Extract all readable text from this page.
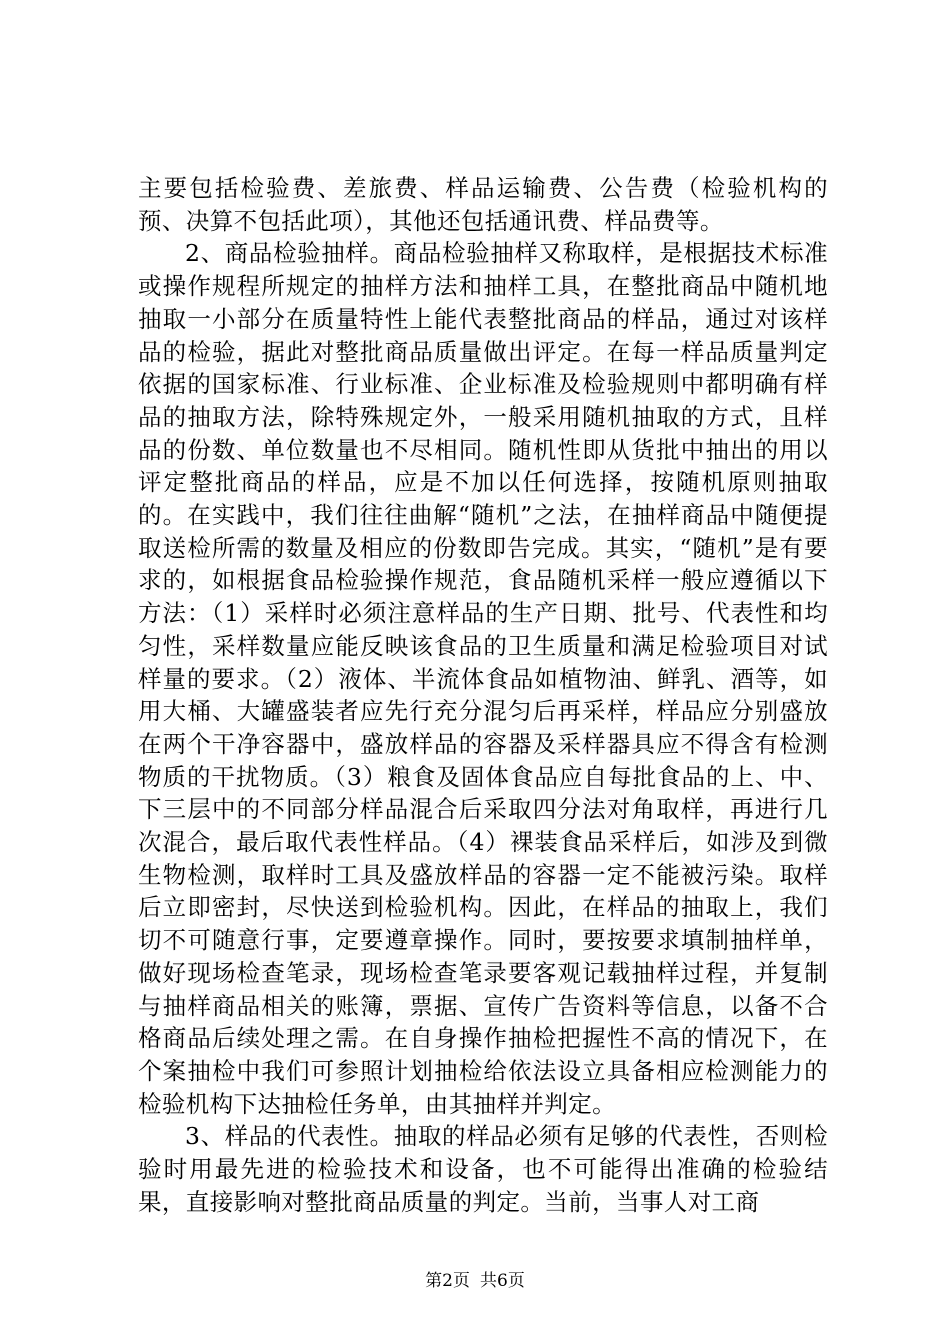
主要包括检验费、差旅费、样品运输费、公告费（检验机构的预、决算不包括此项），其他还包括通讯费、样品费等。

2、商品检验抽样。商品检验抽样又称取样，是根据技术标准或操作规程所规定的抽样方法和抽样工具，在整批商品中随机地抽取一小部分在质量特性上能代表整批商品的样品，通过对该样品的检验，据此对整批商品质量做出评定。在每一样品质量判定依据的国家标准、行业标准、企业标准及检验规则中都明确有样品的抽取方法，除特殊规定外，一般采用随机抽取的方式，且样品的份数、单位数量也不尽相同。随机性即从货批中抽出的用以评定整批商品的样品，应是不加以任何选择，按随机原则抽取的。在实践中，我们往往曲解“随机”之法，在抽样商品中随便提取送检所需的数量及相应的份数即告完成。其实，“随机”是有要求的，如根据食品检验操作规范，食品随机采样一般应遵循以下方法：（1）采样时必须注意样品的生产日期、批号、代表性和均匀性，采样数量应能反映该食品的卫生质量和满足检验项目对试样量的要求。（2）液体、半流体食品如植物油、鲜乳、酒等，如用大桶、大罐盛装者应先行充分混匀后再采样，样品应分别盛放在两个干净容器中，盛放样品的容器及采样器具应不得含有检测物质的干扰物质。（3）粮食及固体食品应自每批食品的上、中、下三层中的不同部分样品混合后采取四分法对角取样，再进行几次混合，最后取代表性样品。（4）裸装食品采样后，如涉及到微生物检测，取样时工具及盛放样品的容器一定不能被污染。取样后立即密封，尽快送到检验机构。因此，在样品的抽取上，我们切不可随意行事，定要遵章操作。同时，要按要求填制抽样单，做好现场检查笔录，现场检查笔录要客观记载抽样过程，并复制与抽样商品相关的账簿，票据、宣传广告资料等信息，以备不合格商品后续处理之需。在自身操作抽检把握性不高的情况下，在个案抽检中我们可参照计划抽检给依法设立具备相应检测能力的检验机构下达抽检任务单，由其抽样并判定。

3、样品的代表性。抽取的样品必须有足够的代表性，否则检验时用最先进的检验技术和设备，也不可能得出准确的检验结果，直接影响对整批商品质量的判定。当前，当事人对工商

第2页 共6页
